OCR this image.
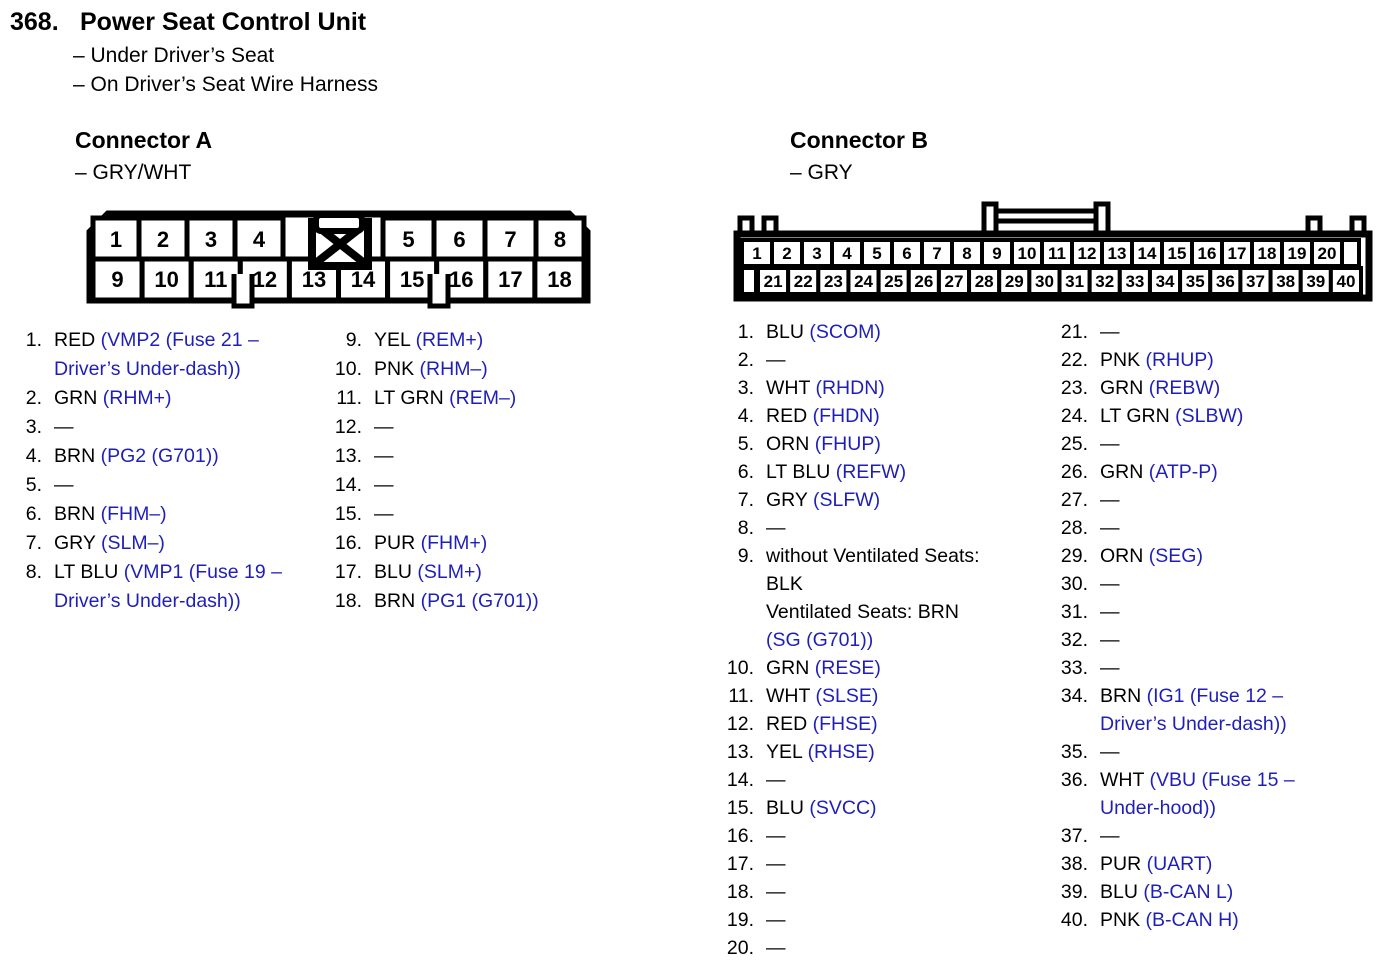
368. Power Seat Control Unit
– Under Driver’s Seat
– On Driver’s Seat Wire Harness
Connector A
– GRY/WHT
9 10 11 12 13 14 15 16 17 18
1	5
2	6
3	7
4	8
1. RED (VMP2 (Fuse 21 – Driver’s Under-dash))
2. GRN (RHM+)
3. —
4. BRN (PG2 (G701))
5. —
6. BRN (FHM–)
7. GRY (SLM–)
8. LT BLU (VMP1 (Fuse 19 – Driver’s Under-dash))
9. YEL (REM+)
10. PNK (RHM–)
11. LT GRN (REM–)
12. —
13. —
14. —
15. —
16. PUR (FHM+)
17. BLU (SLM+)
18. BRN (PG1 (G701))
Connector B
– GRY
1 2 3 4 5 6 7 8 9 10 11 12 13 14 15 16 17 18 19 20
21 22 23 24 25 26 27 28 29 30 31 32 33 34 35 36 37 38 39 40
1. BLU (SCOM)
2. —
3. WHT (RHDN)
4. RED (FHDN)
5. ORN (FHUP)
6. LT BLU (REFW)
7. GRY (SLFW)
8. —
9. without Ventilated Seats:
BLK
Ventilated Seats: BRN
(SG (G701))
10. GRN (RESE)
11. WHT (SLSE)
12. RED (FHSE)
13. YEL (RHSE)
14. —
15. BLU (SVCC)
16. —
17. —
18. —
19. —
20. —
21. —
22. PNK (RHUP)
23. GRN (REBW)
24. LT GRN (SLBW)
25. —
26. GRN (ATP-P)
27. —
28. —
29. ORN (SEG)
30. —
31. —
32. —
33. —
34. BRN (IG1 (Fuse 12 – Driver’s Under-dash))
35. —
36. WHT (VBU (Fuse 15 – Under-hood))
37. —
38. PUR (UART)
39. BLU (B-CAN L)
40. PNK (B-CAN H)
